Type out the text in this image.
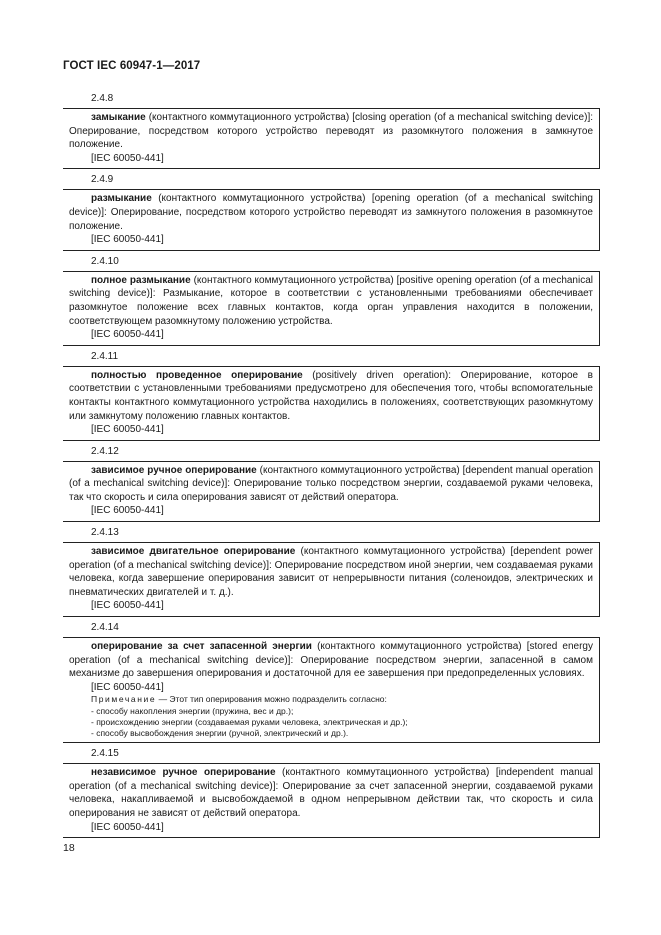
ГОСТ IEC 60947-1—2017
2.4.8

замыкание (контактного коммутационного устройства) [closing operation (of a mechanical switching device)]: Оперирование, посредством которого устройство переводят из разомкнутого положения в замкнутое положение.

[IEC 60050-441]
2.4.9

размыкание (контактного коммутационного устройства) [opening operation (of a mechanical switching device)]: Оперирование, посредством которого устройство переводят из замкнутого положения в разомкнутое положение.

[IEC 60050-441]
2.4.10

полное размыкание (контактного коммутационного устройства) [positive opening operation (of a mechanical switching device)]: Размыкание, которое в соответствии с установленными требованиями обеспечивает разомкнутое положение всех главных контактов, когда орган управления находится в положении, соответствующем разомкнутому положению устройства.

[IEC 60050-441]
2.4.11

полностью проведенное оперирование (positively driven operation): Оперирование, которое в соответствии с установленными требованиями предусмотрено для обеспечения того, чтобы вспомогательные контакты контактного коммутационного устройства находились в положениях, соответствующих разомкнутому или замкнутому положению главных контактов.

[IEC 60050-441]
2.4.12

зависимое ручное оперирование (контактного коммутационного устройства) [dependent manual operation (of a mechanical switching device)]: Оперирование только посредством энергии, создаваемой руками человека, так что скорость и сила оперирования зависят от действий оператора.

[IEC 60050-441]
2.4.13

зависимое двигательное оперирование (контактного коммутационного устройства) [dependent power operation (of a mechanical switching device)]: Оперирование посредством иной энергии, чем создаваемая руками человека, когда завершение оперирования зависит от непрерывности питания (соленоидов, электрических и пневматических двигателей и т. д.).

[IEC 60050-441]
2.4.14

оперирование за счет запасенной энергии (контактного коммутационного устройства) [stored energy operation (of a mechanical switching device)]: Оперирование посредством энергии, запасенной в самом механизме до завершения оперирования и достаточной для ее завершения при предопределенных условиях.

[IEC 60050-441]
Примечание — Этот тип оперирования можно подразделить согласно:
- способу накопления энергии (пружина, вес и др.);
- происхождению энергии (создаваемая руками человека, электрическая и др.);
- способу высвобождения энергии (ручной, электрический и др.).
2.4.15

независимое ручное оперирование (контактного коммутационного устройства) [independent manual operation (of a mechanical switching device)]: Оперирование за счет запасенной энергии, создаваемой руками человека, накапливаемой и высвобождаемой в одном непрерывном действии так, что скорость и сила оперирования не зависят от действий оператора.

[IEC 60050-441]
18
